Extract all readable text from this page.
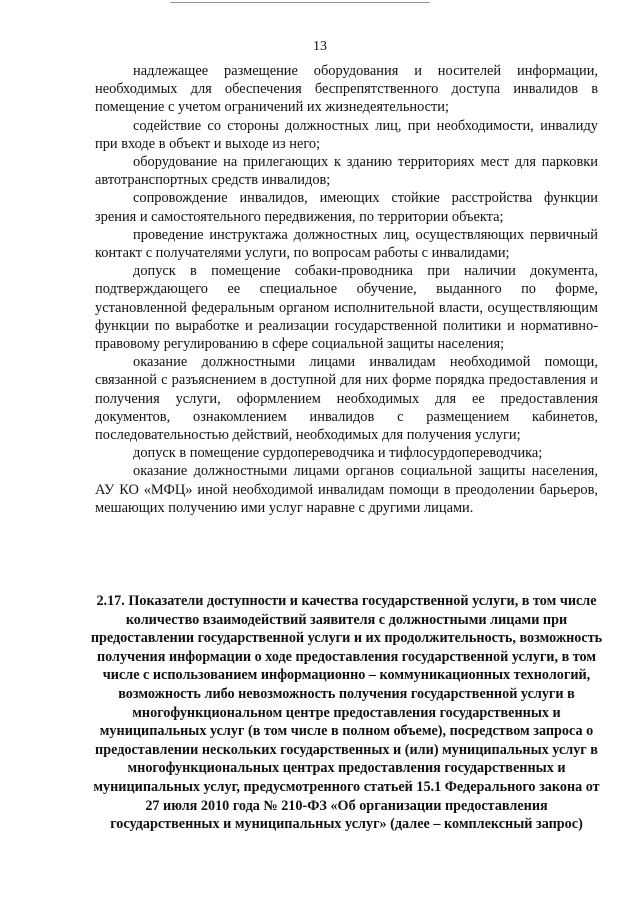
13

надлежащее размещение оборудования и носителей информации, необходимых для обеспечения беспрепятственного доступа инвалидов в помещение с учетом ограничений их жизнедеятельности;

содействие со стороны должностных лиц, при необходимости, инвалиду при входе в объект и выходе из него;

оборудование на прилегающих к зданию территориях мест для парковки автотранспортных средств инвалидов;

сопровождение инвалидов, имеющих стойкие расстройства функции зрения и самостоятельного передвижения, по территории объекта;

проведение инструктажа должностных лиц, осуществляющих первичный контакт с получателями услуги, по вопросам работы с инвалидами;

допуск в помещение собаки-проводника при наличии документа, подтверждающего ее специальное обучение, выданного по форме, установленной федеральным органом исполнительной власти, осуществляющим функции по выработке и реализации государственной политики и нормативно-правовому регулированию в сфере социальной защиты населения;

оказание должностными лицами инвалидам необходимой помощи, связанной с разъяснением в доступной для них форме порядка предоставления и получения услуги, оформлением необходимых для ее предоставления документов, ознакомлением инвалидов с размещением кабинетов, последовательностью действий, необходимых для получения услуги;

допуск в помещение сурдопереводчика и тифлосурдопереводчика;

оказание должностными лицами органов социальной защиты населения, АУ КО «МФЦ» иной необходимой инвалидам помощи в преодолении барьеров, мешающих получению ими услуг наравне с другими лицами.

2.17. Показатели доступности и качества государственной услуги, в том числе количество взаимодействий заявителя с должностными лицами при предоставлении государственной услуги и их продолжительность, возможность получения информации о ходе предоставления государственной услуги, в том числе с использованием информационно – коммуникационных технологий, возможность либо невозможность получения государственной услуги в многофункциональном центре предоставления государственных и муниципальных услуг (в том числе в полном объеме), посредством запроса о предоставлении нескольких государственных и (или) муниципальных услуг в многофункциональных центрах предоставления государственных и муниципальных услуг, предусмотренного статьей 15.1 Федерального закона от 27 июля 2010 года № 210-ФЗ «Об организации предоставления государственных и муниципальных услуг» (далее – комплексный запрос)
